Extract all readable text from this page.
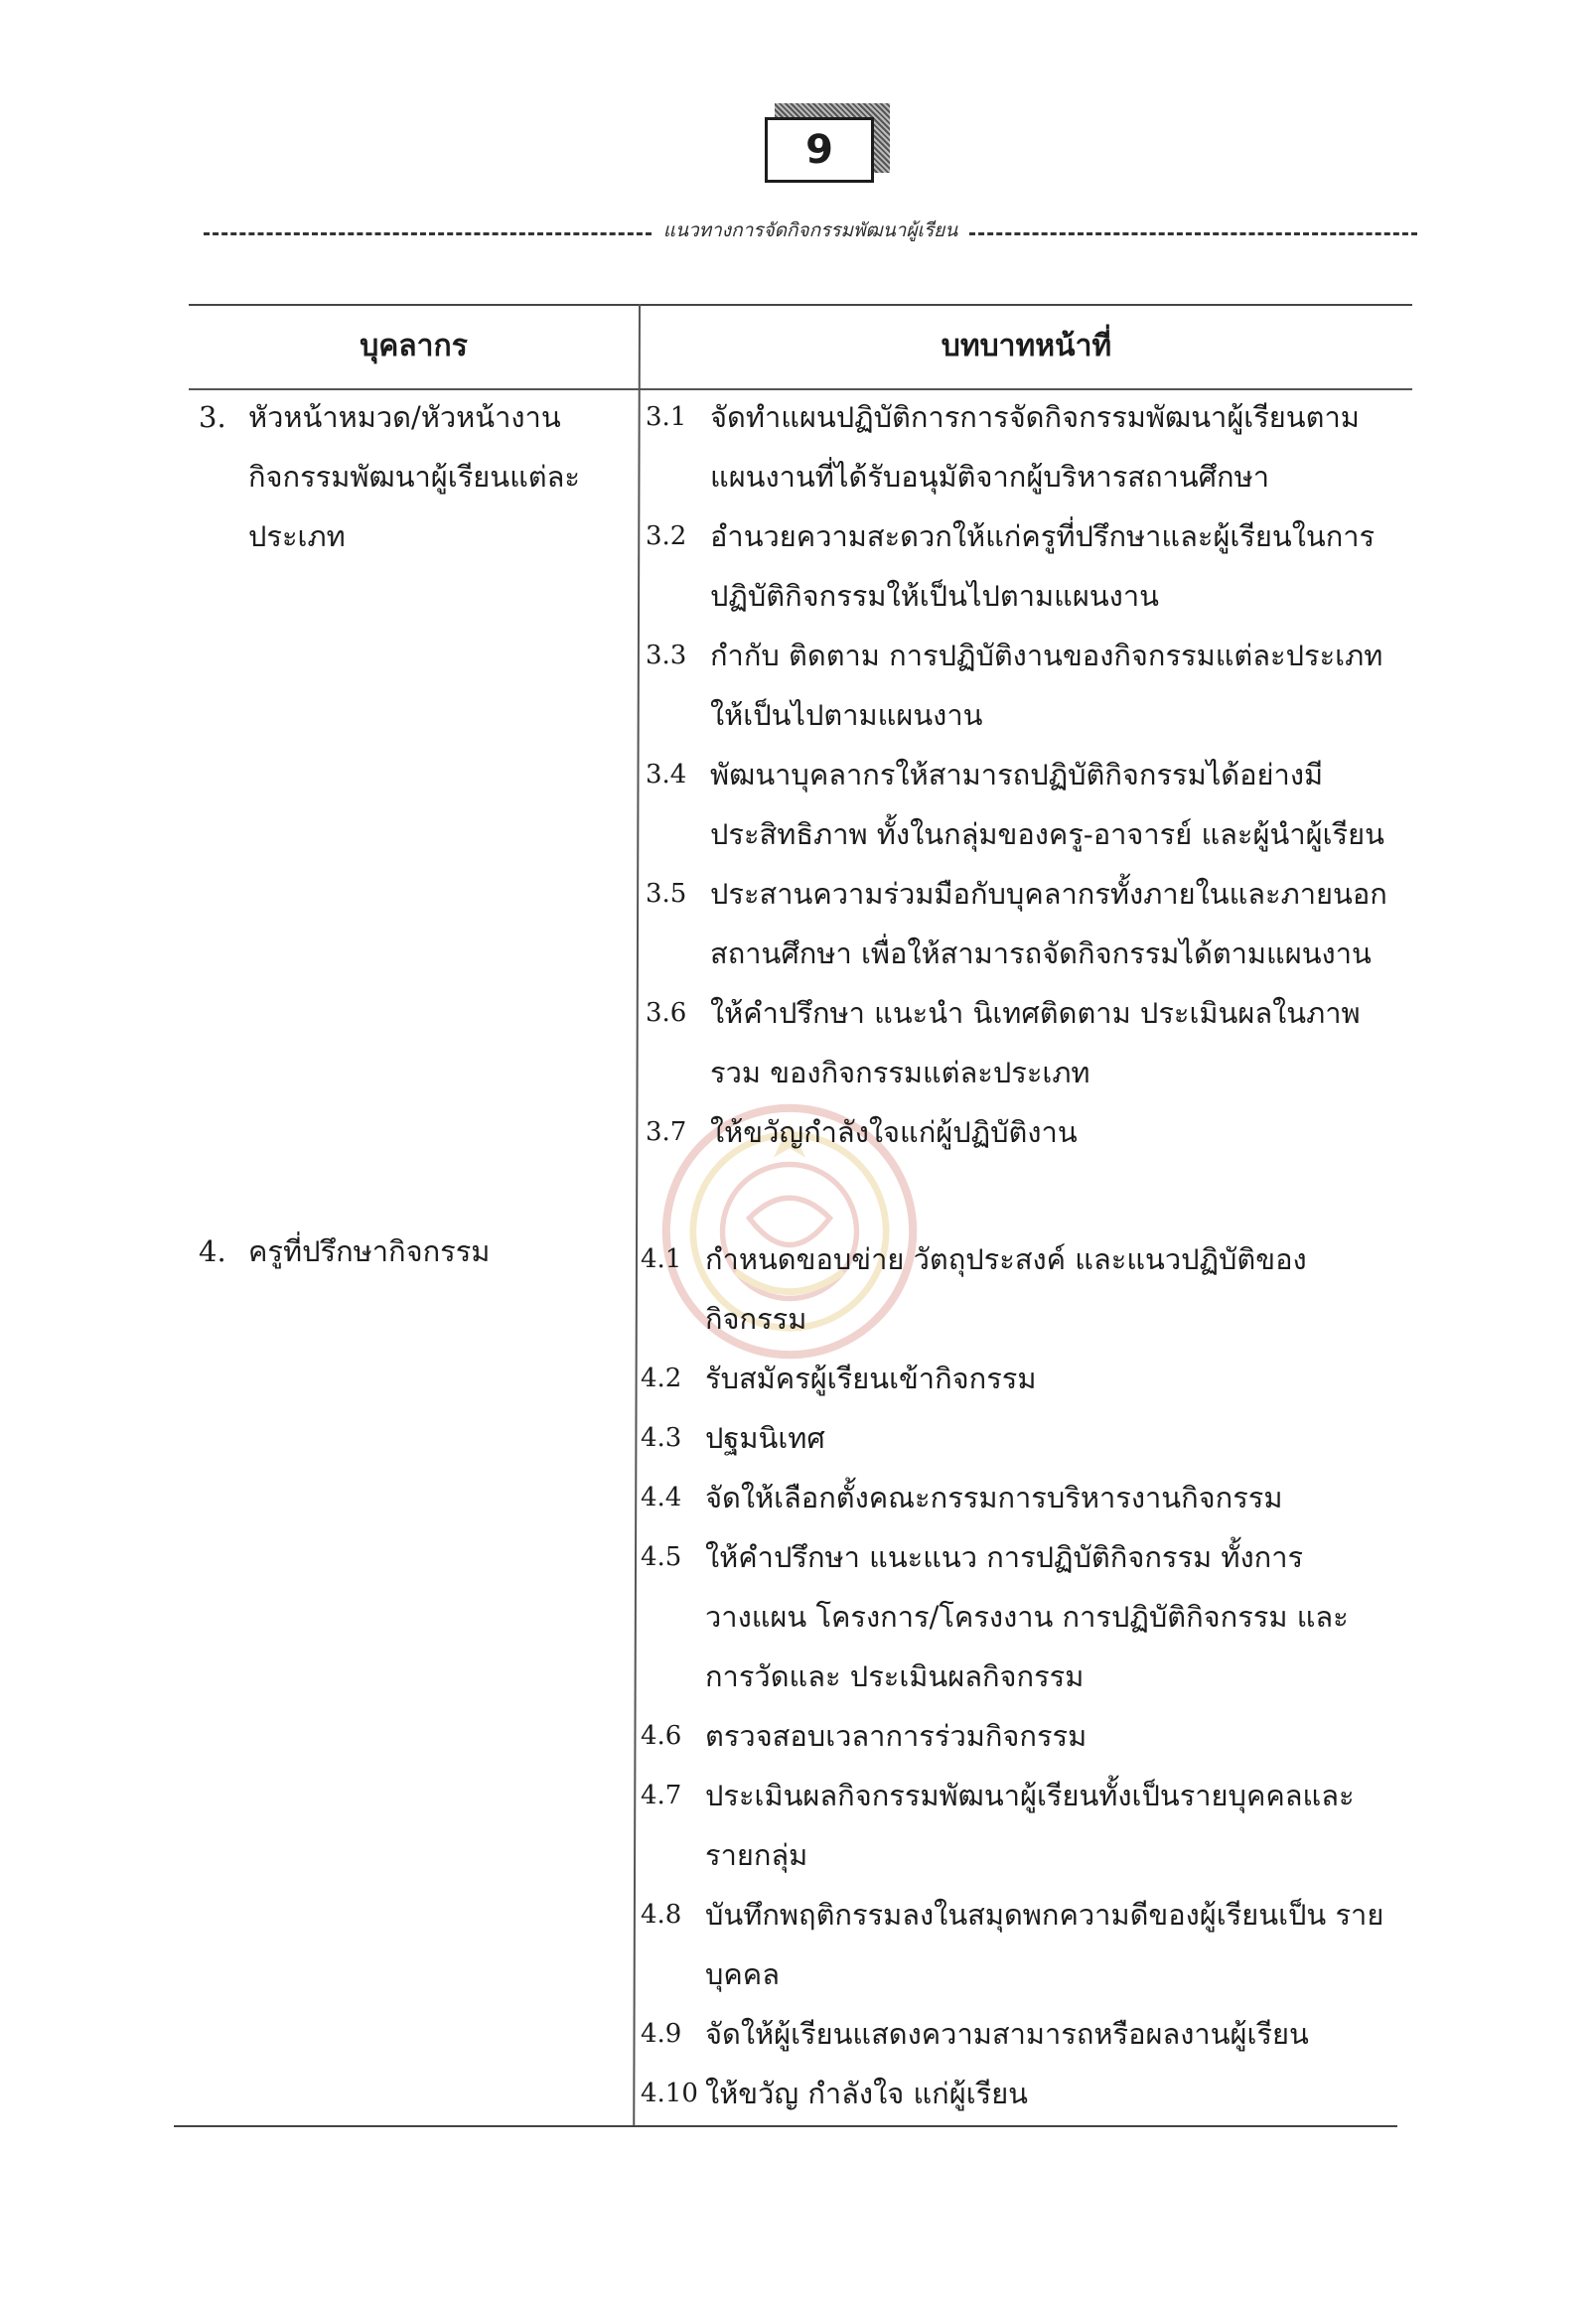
9
แนวทางการจัดกิจกรรมพัฒนาผู้เรียน
บุคลากร	บทบาทหน้าที่
3. หัวหน้าหมวด/หัวหน้างาน
กิจกรรมพัฒนาผู้เรียนแต่ละ
ประเภท

3.1 จัดทำแผนปฏิบัติการการจัดกิจกรรมพัฒนาผู้เรียนตาม แผนงานที่ได้รับอนุมัติจากผู้บริหารสถานศึกษา

3.2 อำนวยความสะดวกให้แก่ครูที่ปรึกษาและผู้เรียนในการ ปฏิบัติกิจกรรมให้เป็นไปตามแผนงาน

3.3 กำกับ ติดตาม การปฏิบัติงานของกิจกรรมแต่ละประเภท ให้เป็นไปตามแผนงาน

3.4 พัฒนาบุคลากรให้สามารถปฏิบัติกิจกรรมได้อย่างมี ประสิทธิภาพ ทั้งในกลุ่มของครู-อาจารย์ และผู้นำผู้เรียน

3.5 ประสานความร่วมมือกับบุคลากรทั้งภายในและภายนอก สถานศึกษา เพื่อให้สามารถจัดกิจกรรมได้ตามแผนงาน

3.6 ให้คำปรึกษา แนะนำ นิเทศติดตาม ประเมินผลในภาพรวม ของกิจกรรมแต่ละประเภท

3.7 ให้ขวัญกำลังใจแก่ผู้ปฏิบัติงาน

4. ครูที่ปรึกษากิจกรรม	4.1 กำหนดขอบข่าย วัตถุประสงค์ และแนวปฏิบัติของกิจกรรม

4.2 รับสมัครผู้เรียนเข้ากิจกรรม

4.3 ปฐมนิเทศ

4.4 จัดให้เลือกตั้งคณะกรรมการบริหารงานกิจกรรม

4.5 ให้คำปรึกษา แนะแนว การปฏิบัติกิจกรรม ทั้งการวางแผน โครงการ/โครงงาน การปฏิบัติกิจกรรม และการวัดและ ประเมินผลกิจกรรม

4.6 ตรวจสอบเวลาการร่วมกิจกรรม

4.7 ประเมินผลกิจกรรมพัฒนาผู้เรียนทั้งเป็นรายบุคคลและ รายกลุ่ม

4.8 บันทึกพฤติกรรมลงในสมุดพกความดีของผู้เรียนเป็น รายบุคคล

4.9 จัดให้ผู้เรียนแสดงความสามารถหรือผลงานผู้เรียน

4.10 ให้ขวัญ กำลังใจ แก่ผู้เรียน
